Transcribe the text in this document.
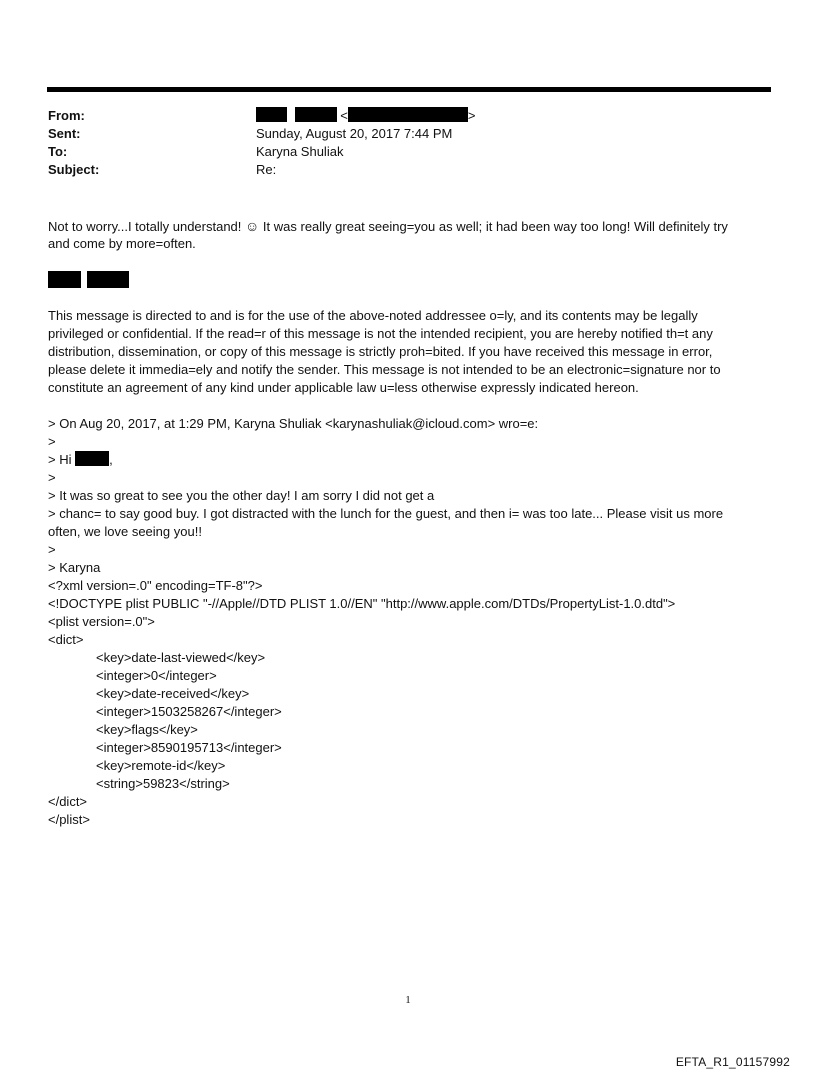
From:	<	>
Sent:	Sunday, August 20, 2017 7:44 PM
To:	Karyna Shuliak
Subject:	Re:
Not to worry...I totally understand! ☺ It was really great seeing=you as well; it had been way too long! Will definitely try
and come by more=often.

This message is directed to and is for the use of the above-noted addressee o=ly, and its contents may be legally
privileged or confidential. If the read=r of this message is not the intended recipient, you are hereby notified th=t any
distribution, dissemination, or copy of this message is strictly proh=bited. If you have received this message in error,
please delete it immedia=ely and notify the sender. This message is not intended to be an electronic=signature nor to
constitute an agreement of any kind under applicable law u=less otherwise expressly indicated hereon.
> On Aug 20, 2017, at 1:29 PM, Karyna Shuliak <karynashuliak@icloud.com> wro=e:
>
> Hi	,
>
> It was so great to see you the other day! I am sorry I did not get a
> chanc= to say good buy. I got distracted with the lunch for the guest, and then i= was too late... Please visit us more
often, we love seeing you!!
>
> Karyna
<?xml version=.0" encoding=TF-8"?>
<!DOCTYPE plist PUBLIC "-//Apple//DTD PLIST 1.0//EN" "http://www.apple.com/DTDs/PropertyList-1.0.dtd">
<plist version=.0">
<dict>
<key>date-last-viewed</key>
<integer>0</integer>
<key>date-received</key>
<integer>1503258267</integer>
<key>flags</key>
<integer>8590195713</integer>
<key>remote-id</key>
<string>59823</string>
</dict>
</plist>
1
EFTA_R1_01157992
